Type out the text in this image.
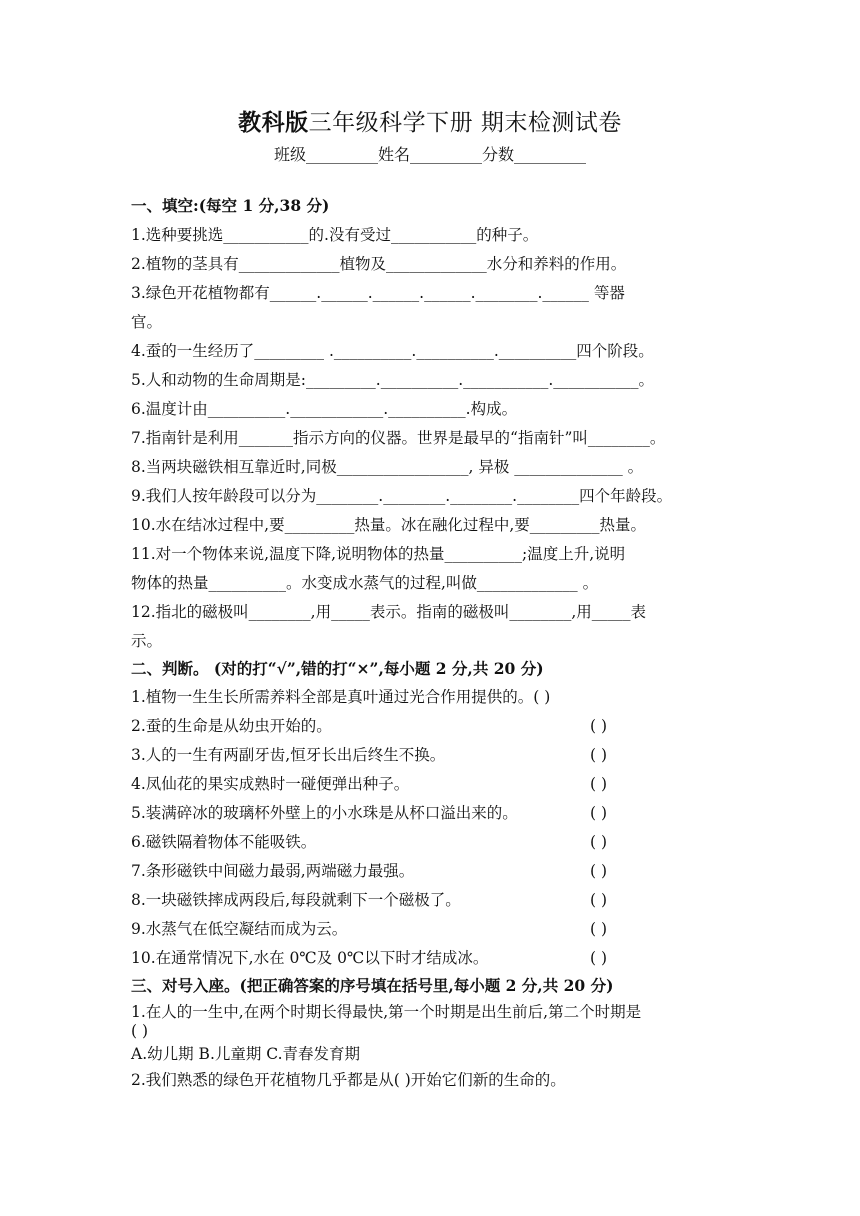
教科版三年级科学下册 期末检测试卷
班级_________姓名_________分数_________
一、填空:(每空 1 分,38 分)
1.选种要挑选___________的.没有受过___________的种子。
2.植物的茎具有_____________植物及_____________水分和养料的作用。
3.绿色开花植物都有______.______.______.______.________.______ 等器
官。
4.蚕的一生经历了_________ .__________.__________.__________四个阶段。
5.人和动物的生命周期是:_________.__________.___________.___________。
6.温度计由__________.____________.__________.构成。
7.指南针是利用_______指示方向的仪器。世界是最早的“指南针”叫________。
8.当两块磁铁相互靠近时,同极_________________, 异极 ______________ 。
9.我们人按年龄段可以分为________.________.________.________四个年龄段。
10.水在结冰过程中,要_________热量。冰在融化过程中,要_________热量。
11.对一个物体来说,温度下降,说明物体的热量__________;温度上升,说明
物体的热量__________。水变成水蒸气的过程,叫做_____________ 。
12.指北的磁极叫________,用_____表示。指南的磁极叫________,用_____表
示。
二、判断。 (对的打“√”,错的打“×”,每小题 2 分,共 20 分)
1.植物一生生长所需养料全部是真叶通过光合作用提供的。( )
2.蚕的生命是从幼虫开始的。	( )
3.人的一生有两副牙齿,恒牙长出后终生不换。	( )
4.凤仙花的果实成熟时一碰便弹出种子。	( )
5.装满碎冰的玻璃杯外壁上的小水珠是从杯口溢出来的。	( )
6.磁铁隔着物体不能吸铁。	( )
7.条形磁铁中间磁力最弱,两端磁力最强。	( )
8.一块磁铁摔成两段后,每段就剩下一个磁极了。	( )
9.水蒸气在低空凝结而成为云。	( )
10.在通常情况下,水在 0℃及 0℃以下时才结成冰。	( )
三、对号入座。(把正确答案的序号填在括号里,每小题 2 分,共 20 分)
1.在人的一生中,在两个时期长得最快,第一个时期是出生前后,第二个时期是
( )
A.幼儿期 B.儿童期 C.青春发育期
2.我们熟悉的绿色开花植物几乎都是从( )开始它们新的生命的。
